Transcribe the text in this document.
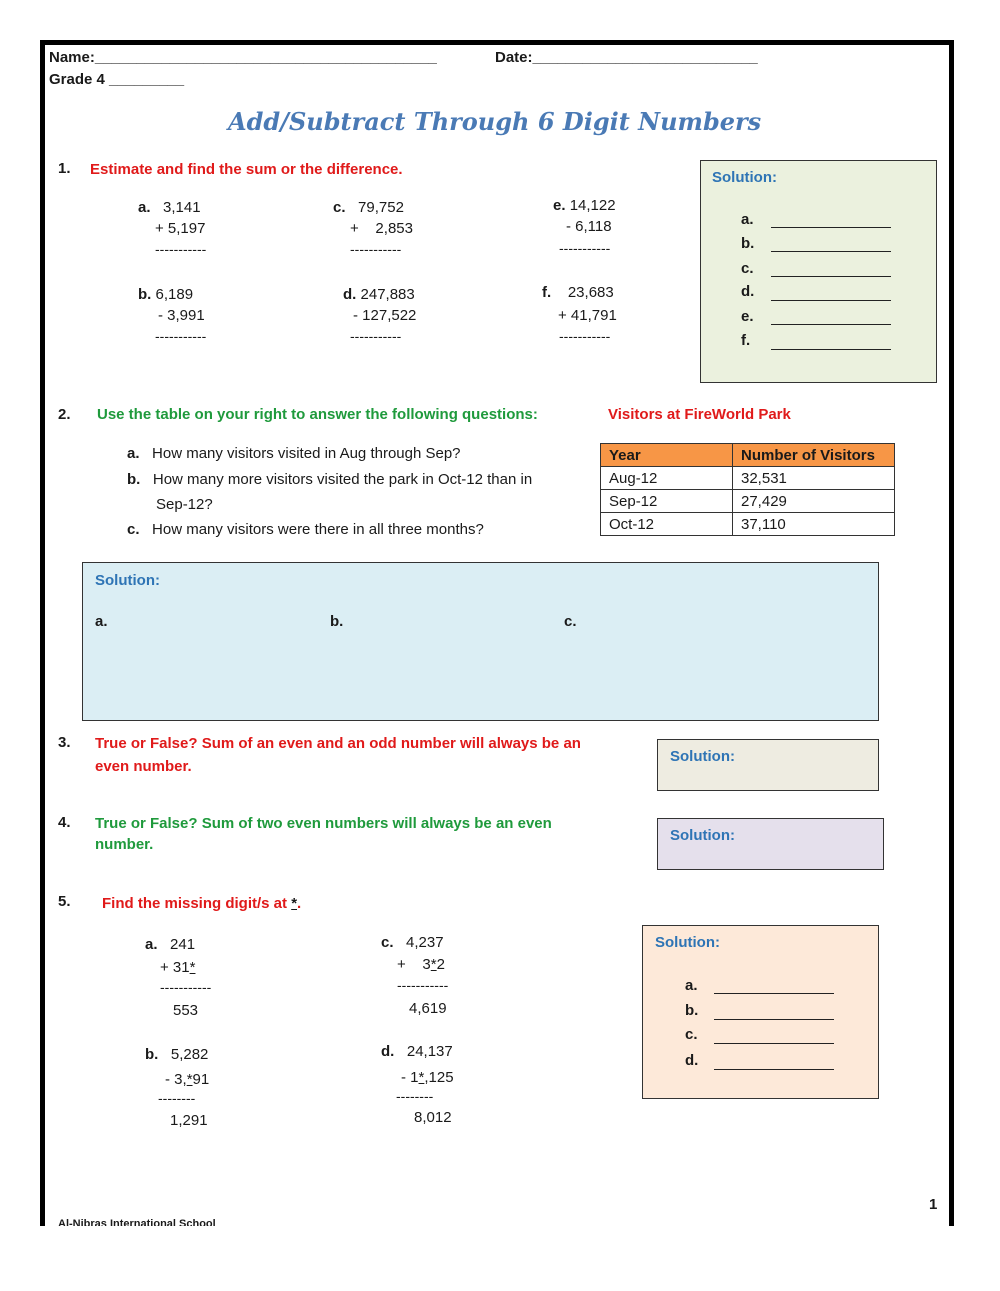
Name:_________________________________________	Date:___________________________
Grade 4 _________
Add/Subtract Through 6 Digit Numbers
1. Estimate and find the sum or the difference.
a. 3,141
+ 5,197
-----------
c. 79,752
+    2,853
-----------
e. 14,122
- 6,118
-----------
b. 6,189
- 3,991
-----------
d. 247,883
- 127,522
-----------
f. 23,683
+ 41,791
-----------
Solution:
a.
b.
c.
d.
e.
f.
2. Use the table on your right to answer the following questions:	Visitors at FireWorld Park
a. How many visitors visited in Aug through Sep?
b. How many more visitors visited the park in Oct-12 than in
Sep-12?
c. How many visitors were there in all three months?
Year	Number of Visitors
Aug-12	32,531
Sep-12	27,429
Oct-12	37,110
Solution:
a.	b.	c.
3. True or False? Sum of an even and an odd number will always be an
even number.
Solution:
4. True or False? Sum of two even numbers will always be an even
number.
Solution:
5. Find the missing digit/s at *.
a. 241
+ 31*
-----------
553
c. 4,237
+    3*2
-----------
4,619
b. 5,282
- 3,*91
--------
1,291
d. 24,137
- 1*,125
--------
8,012
Solution:
a.
b.
c.
d.
1
Al-Nibras International School
